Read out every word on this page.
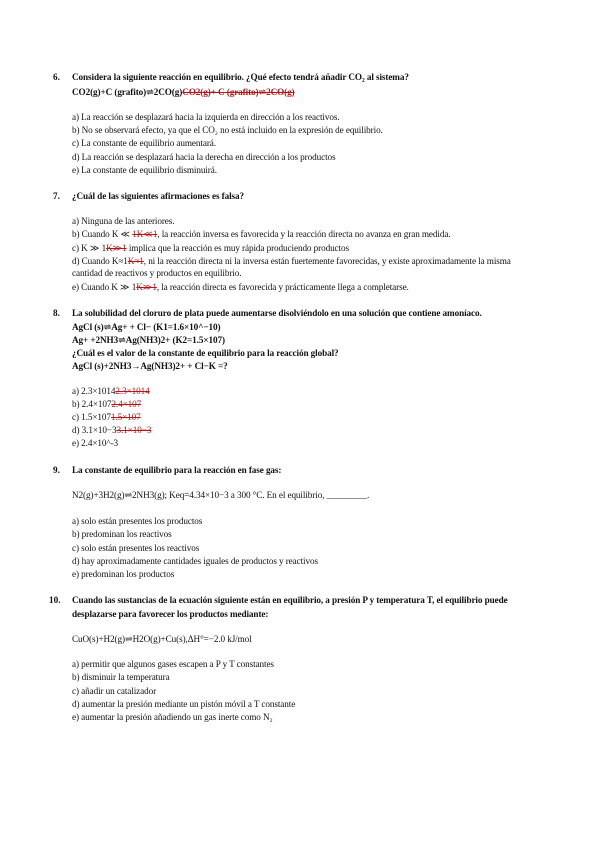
6. Considera la siguiente reacción en equilibrio. ¿Qué efecto tendrá añadir CO₂ al sistema?
CO2(g)+C (grafito)⇌2CO(g)CO2(g)+ C (grafito)⇌2CO(g)
a) La reacción se desplazará hacia la izquierda en dirección a los reactivos.
b) No se observará efecto, ya que el CO₂ no está incluido en la expresión de equilibrio.
c) La constante de equilibrio aumentará.
d) La reacción se desplazará hacia la derecha en dirección a los productos
e) La constante de equilibrio disminuirá.
7. ¿Cuál de las siguientes afirmaciones es falsa?
a) Ninguna de las anteriores.
b) Cuando K ≪ 1K≪1, la reacción inversa es favorecida y la reacción directa no avanza en gran medida.
c) K ≫ 1K≫1 implica que la reacción es muy rápida produciendo productos
d) Cuando K≈1K≈1, ni la reacción directa ni la inversa están fuertemente favorecidas, y existe aproximadamente la misma
cantidad de reactivos y productos en equilibrio.
e) Cuando K ≫ 1K≫1, la reacción directa es favorecida y prácticamente llega a completarse.
8. La solubilidad del cloruro de plata puede aumentarse disolviéndolo en una solución que contiene amoníaco.
AgCl (s)⇌Ag+ + Cl− (K1=1.6×10^−10)
Ag+ +2NH3⇌Ag(NH3)2+ (K2=1.5×107)
¿Cuál es el valor de la constante de equilibrio para la reacción global?
AgCl (s)+2NH3→Ag(NH3)2+ + Cl−K =?
a) 2.3×10142.3×1014
b) 2.4×1072.4×107
c) 1.5×1071.5×107
d) 3.1×10−33.1×10−3
e) 2.4×10^-3
9. La constante de equilibrio para la reacción en fase gas:
N2(g)+3H2(g)⇌2NH3(g); Keq=4.34×10−3 a 300 °C. En el equilibrio, _________.
a) solo están presentes los productos
b) predominan los reactivos
c) solo están presentes los reactivos
d) hay aproximadamente cantidades iguales de productos y reactivos
e) predominan los productos
10. Cuando las sustancias de la ecuación siguiente están en equilibrio, a presión P y temperatura T, el equilibrio puede
desplazarse para favorecer los productos mediante:
CuO(s)+H2(g)⇌H2O(g)+Cu(s),ΔH°=−2.0 kJ/mol
a) permitir que algunos gases escapen a P y T constantes
b) disminuir la temperatura
c) añadir un catalizador
d) aumentar la presión mediante un pistón móvil a T constante
e) aumentar la presión añadiendo un gas inerte como N₂
